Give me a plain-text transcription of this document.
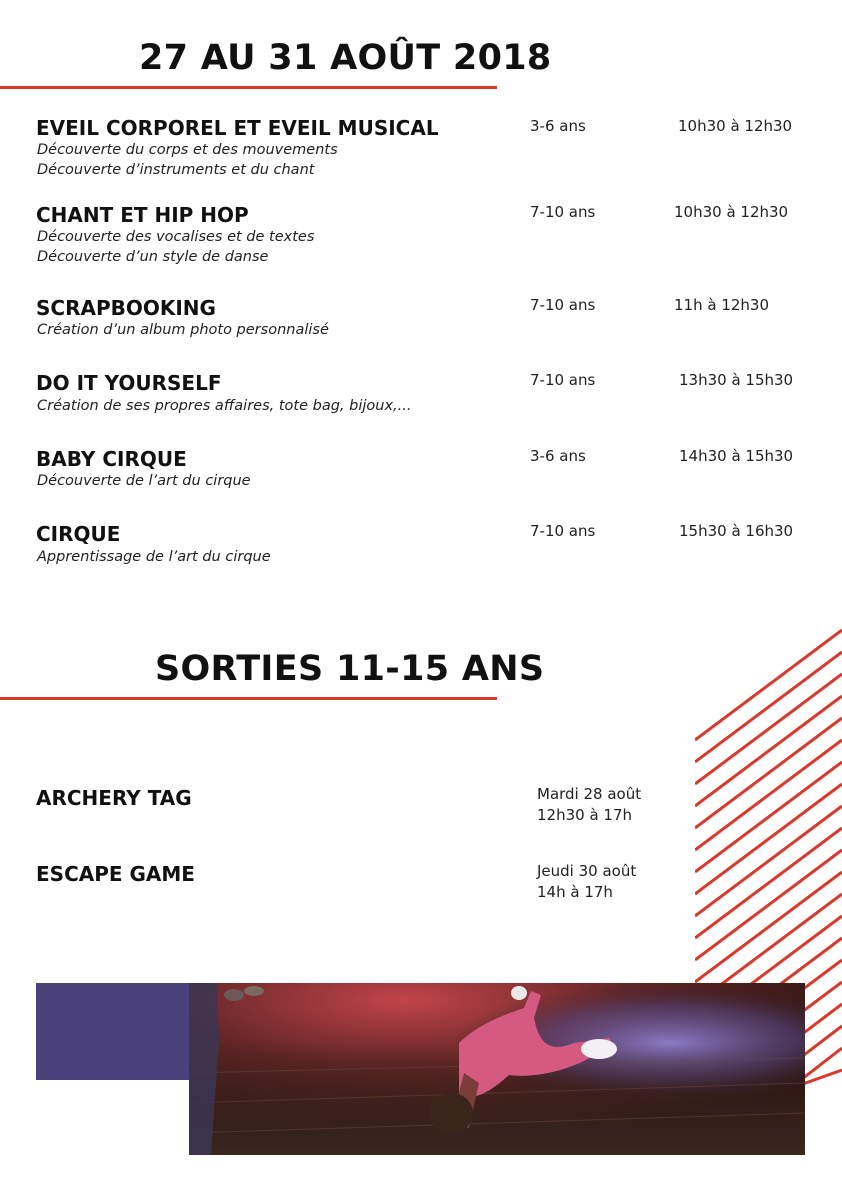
27 AU 31 AOÛT 2018
EVEIL CORPOREL ET EVEIL MUSICAL
Découverte du corps et des mouvements
Découverte d’instruments et du chant
3-6 ans	10h30 à 12h30
CHANT ET HIP HOP
Découverte des vocalises et de textes
Découverte d’un style de danse
7-10 ans	10h30 à 12h30
SCRAPBOOKING
Création d’un album photo personnalisé
7-10 ans	11h à 12h30
DO IT YOURSELF
Création de ses propres affaires, tote bag, bijoux,...
7-10 ans	13h30 à 15h30
BABY CIRQUE
Découverte de l’art du cirque
3-6 ans	14h30 à 15h30
CIRQUE
Apprentissage de l’art du cirque
7-10 ans	15h30 à 16h30
SORTIES 11-15 ANS
ARCHERY TAG	Mardi 28 août
12h30 à 17h
ESCAPE GAME	Jeudi 30 août
14h à 17h
